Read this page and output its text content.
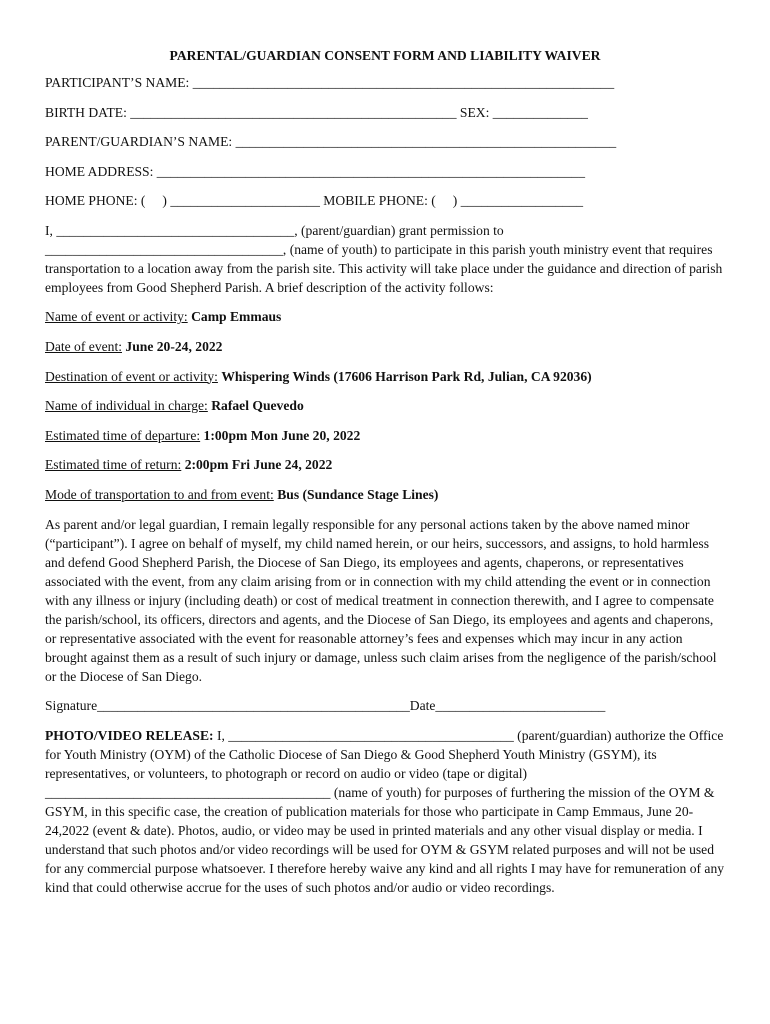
PARENTAL/GUARDIAN CONSENT FORM AND LIABILITY WAIVER
PARTICIPANT’S NAME: ______________________________________________________________
BIRTH DATE: ________________________________________________ SEX: ______________
PARENT/GUARDIAN’S NAME: ________________________________________________________
HOME ADDRESS: _______________________________________________________________
HOME PHONE: (     ) ______________________ MOBILE PHONE: (     ) __________________
I, ___________________________________, (parent/guardian) grant permission to ___________________________________, (name of youth) to participate in this parish youth ministry event that requires transportation to a location away from the parish site. This activity will take place under the guidance and direction of parish employees from Good Shepherd Parish. A brief description of the activity follows:
Name of event or activity: Camp Emmaus
Date of event: June 20-24, 2022
Destination of event or activity: Whispering Winds (17606 Harrison Park Rd, Julian, CA 92036)
Name of individual in charge: Rafael Quevedo
Estimated time of departure: 1:00pm Mon June 20, 2022
Estimated time of return: 2:00pm Fri June 24, 2022
Mode of transportation to and from event: Bus (Sundance Stage Lines)
As parent and/or legal guardian, I remain legally responsible for any personal actions taken by the above named minor (“participant”). I agree on behalf of myself, my child named herein, or our heirs, successors, and assigns, to hold harmless and defend Good Shepherd Parish, the Diocese of San Diego, its employees and agents, chaperons, or representatives associated with the event, from any claim arising from or in connection with my child attending the event or in connection with any illness or injury (including death) or cost of medical treatment in connection therewith, and I agree to compensate the parish/school, its officers, directors and agents, and the Diocese of San Diego, its employees and agents and chaperons, or representative associated with the event for reasonable attorney’s fees and expenses which may incur in any action brought against them as a result of such injury or damage, unless such claim arises from the negligence of the parish/school or the Diocese of San Diego.
Signature______________________________________________Date_________________________
PHOTO/VIDEO RELEASE: I, __________________________________________ (parent/guardian) authorize the Office for Youth Ministry (OYM) of the Catholic Diocese of San Diego & Good Shepherd Youth Ministry (GSYM), its representatives, or volunteers, to photograph or record on audio or video (tape or digital) __________________________________________ (name of youth) for purposes of furthering the mission of the OYM & GSYM, in this specific case, the creation of publication materials for those who participate in Camp Emmaus, June 20-24,2022 (event & date). Photos, audio, or video may be used in printed materials and any other visual display or media. I understand that such photos and/or video recordings will be used for OYM & GSYM related purposes and will not be used for any commercial purpose whatsoever. I therefore hereby waive any kind and all rights I may have for remuneration of any kind that could otherwise accrue for the uses of such photos and/or audio or video recordings.
